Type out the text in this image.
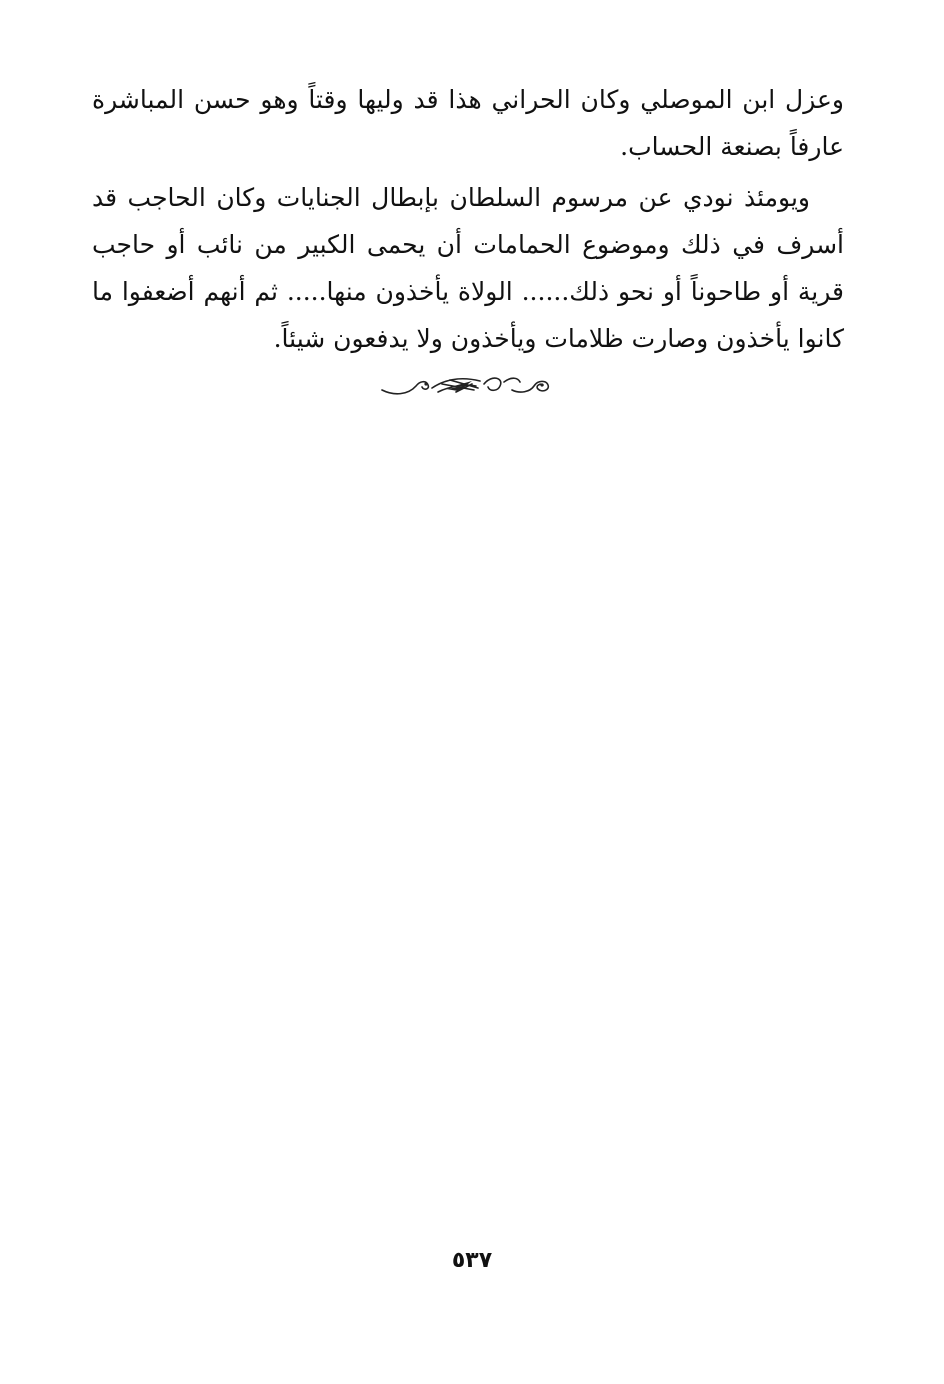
وعزل ابن الموصلي وكان الحراني هذا قد وليها وقتاً وهو حسن المباشرة عارفاً بصنعة الحساب.

ويومئذ نودي عن مرسوم السلطان بإبطال الجنايات وكان الحاجب قد أسرف في ذلك وموضوع الحمامات أن يحمى الكبير من نائب أو حاجب قرية أو طاحوناً أو نحو ذلك...... الولاة يأخذون منها..... ثم أنهم أضعفوا ما كانوا يأخذون وصارت ظلامات ويأخذون ولا يدفعون شيئاً.

٥٣٧
